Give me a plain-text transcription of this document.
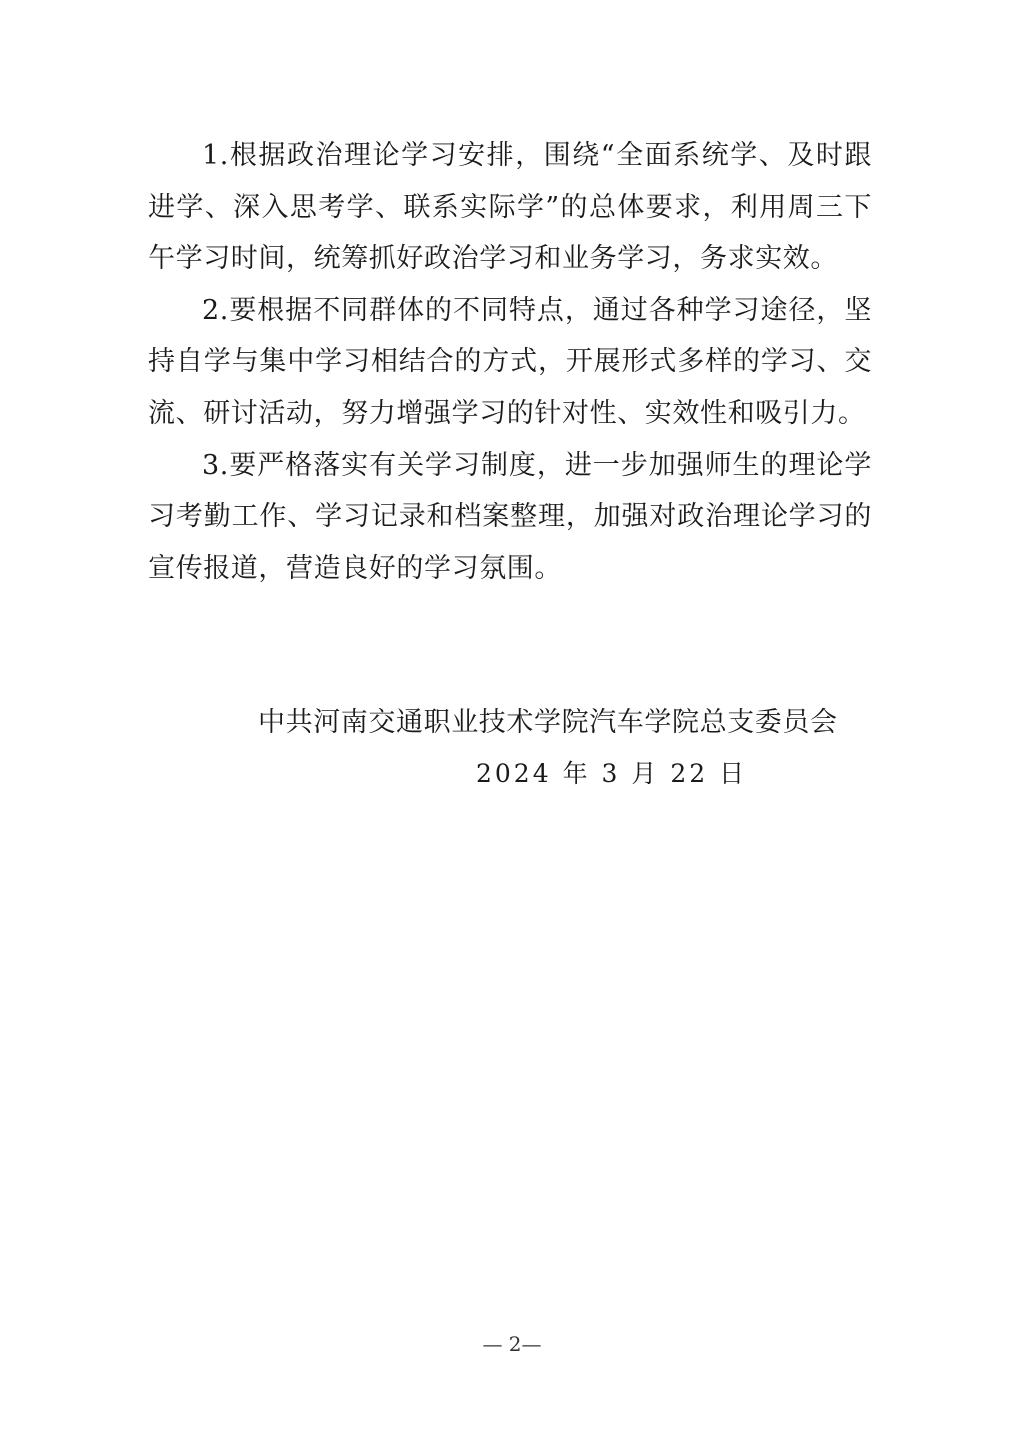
1.根据政治理论学习安排，围绕“全面系统学、及时跟进学、深入思考学、联系实际学”的总体要求，利用周三下午学习时间，统筹抓好政治学习和业务学习，务求实效。

2.要根据不同群体的不同特点，通过各种学习途径，坚持自学与集中学习相结合的方式，开展形式多样的学习、交流、研讨活动，努力增强学习的针对性、实效性和吸引力。

3.要严格落实有关学习制度，进一步加强师生的理论学习考勤工作、学习记录和档案整理，加强对政治理论学习的宣传报道，营造良好的学习氛围。

中共河南交通职业技术学院汽车学院总支委员会
2024 年 3 月 22 日
— 2—
